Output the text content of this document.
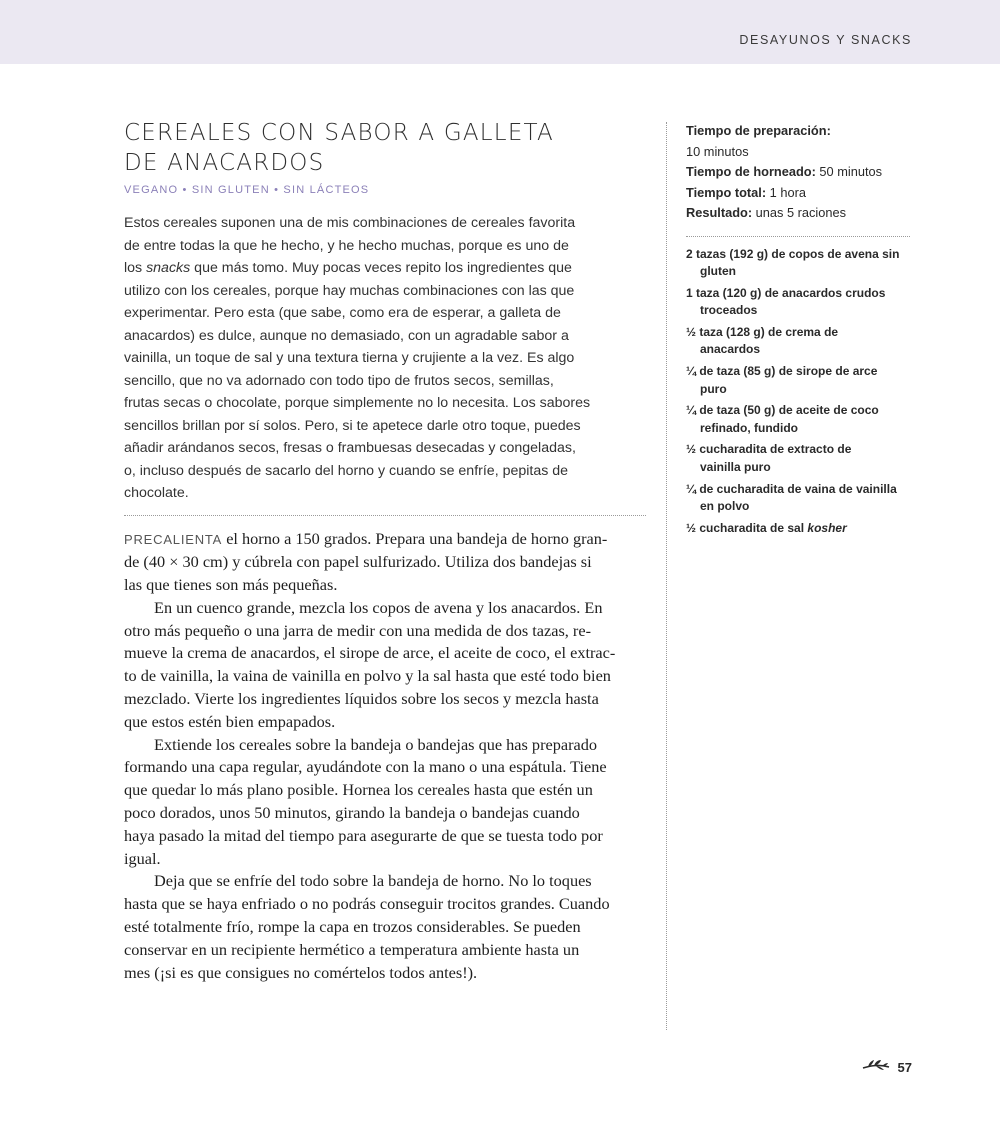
DESAYUNOS Y SNACKS
CEREALES CON SABOR A GALLETA
DE ANACARDOS
VEGANO • SIN GLUTEN • SIN LÁCTEOS
Estos cereales suponen una de mis combinaciones de cereales favorita
de entre todas la que he hecho, y he hecho muchas, porque es uno de
los snacks que más tomo. Muy pocas veces repito los ingredientes que
utilizo con los cereales, porque hay muchas combinaciones con las que
experimentar. Pero esta (que sabe, como era de esperar, a galleta de
anacardos) es dulce, aunque no demasiado, con un agradable sabor a
vainilla, un toque de sal y una textura tierna y crujiente a la vez. Es algo
sencillo, que no va adornado con todo tipo de frutos secos, semillas,
frutas secas o chocolate, porque simplemente no lo necesita. Los sabores
sencillos brillan por sí solos. Pero, si te apetece darle otro toque, puedes
añadir arándanos secos, fresas o frambuesas desecadas y congeladas,
o, incluso después de sacarlo del horno y cuando se enfríe, pepitas de
chocolate.

PRECALIENTA el horno a 150 grados. Prepara una bandeja de horno gran-
de (40 × 30 cm) y cúbrela con papel sulfurizado. Utiliza dos bandejas si
las que tienes son más pequeñas.

En un cuenco grande, mezcla los copos de avena y los anacardos. En
otro más pequeño o una jarra de medir con una medida de dos tazas, re-
mueve la crema de anacardos, el sirope de arce, el aceite de coco, el extrac-
to de vainilla, la vaina de vainilla en polvo y la sal hasta que esté todo bien
mezclado. Vierte los ingredientes líquidos sobre los secos y mezcla hasta
que estos estén bien empapados.

Extiende los cereales sobre la bandeja o bandejas que has preparado
formando una capa regular, ayudándote con la mano o una espátula. Tiene
que quedar lo más plano posible. Hornea los cereales hasta que estén un
poco dorados, unos 50 minutos, girando la bandeja o bandejas cuando
haya pasado la mitad del tiempo para asegurarte de que se tuesta todo por
igual.

Deja que se enfríe del todo sobre la bandeja de horno. No lo toques
hasta que se haya enfriado o no podrás conseguir trocitos grandes. Cuando
esté totalmente frío, rompe la capa en trozos considerables. Se pueden
conservar en un recipiente hermético a temperatura ambiente hasta un
mes (¡si es que consigues no comértelos todos antes!).

Tiempo de preparación:
10 minutos
Tiempo de horneado: 50 minutos
Tiempo total: 1 hora
Resultado: unas 5 raciones
2 tazas (192 g) de copos de avena sin
gluten
1 taza (120 g) de anacardos crudos
troceados
½ taza (128 g) de crema de
anacardos
¼ de taza (85 g) de sirope de arce
puro
¼ de taza (50 g) de aceite de coco
refinado, fundido
½ cucharadita de extracto de
vainilla puro
¼ de cucharadita de vaina de vainilla
en polvo
½ cucharadita de sal kosher
57
